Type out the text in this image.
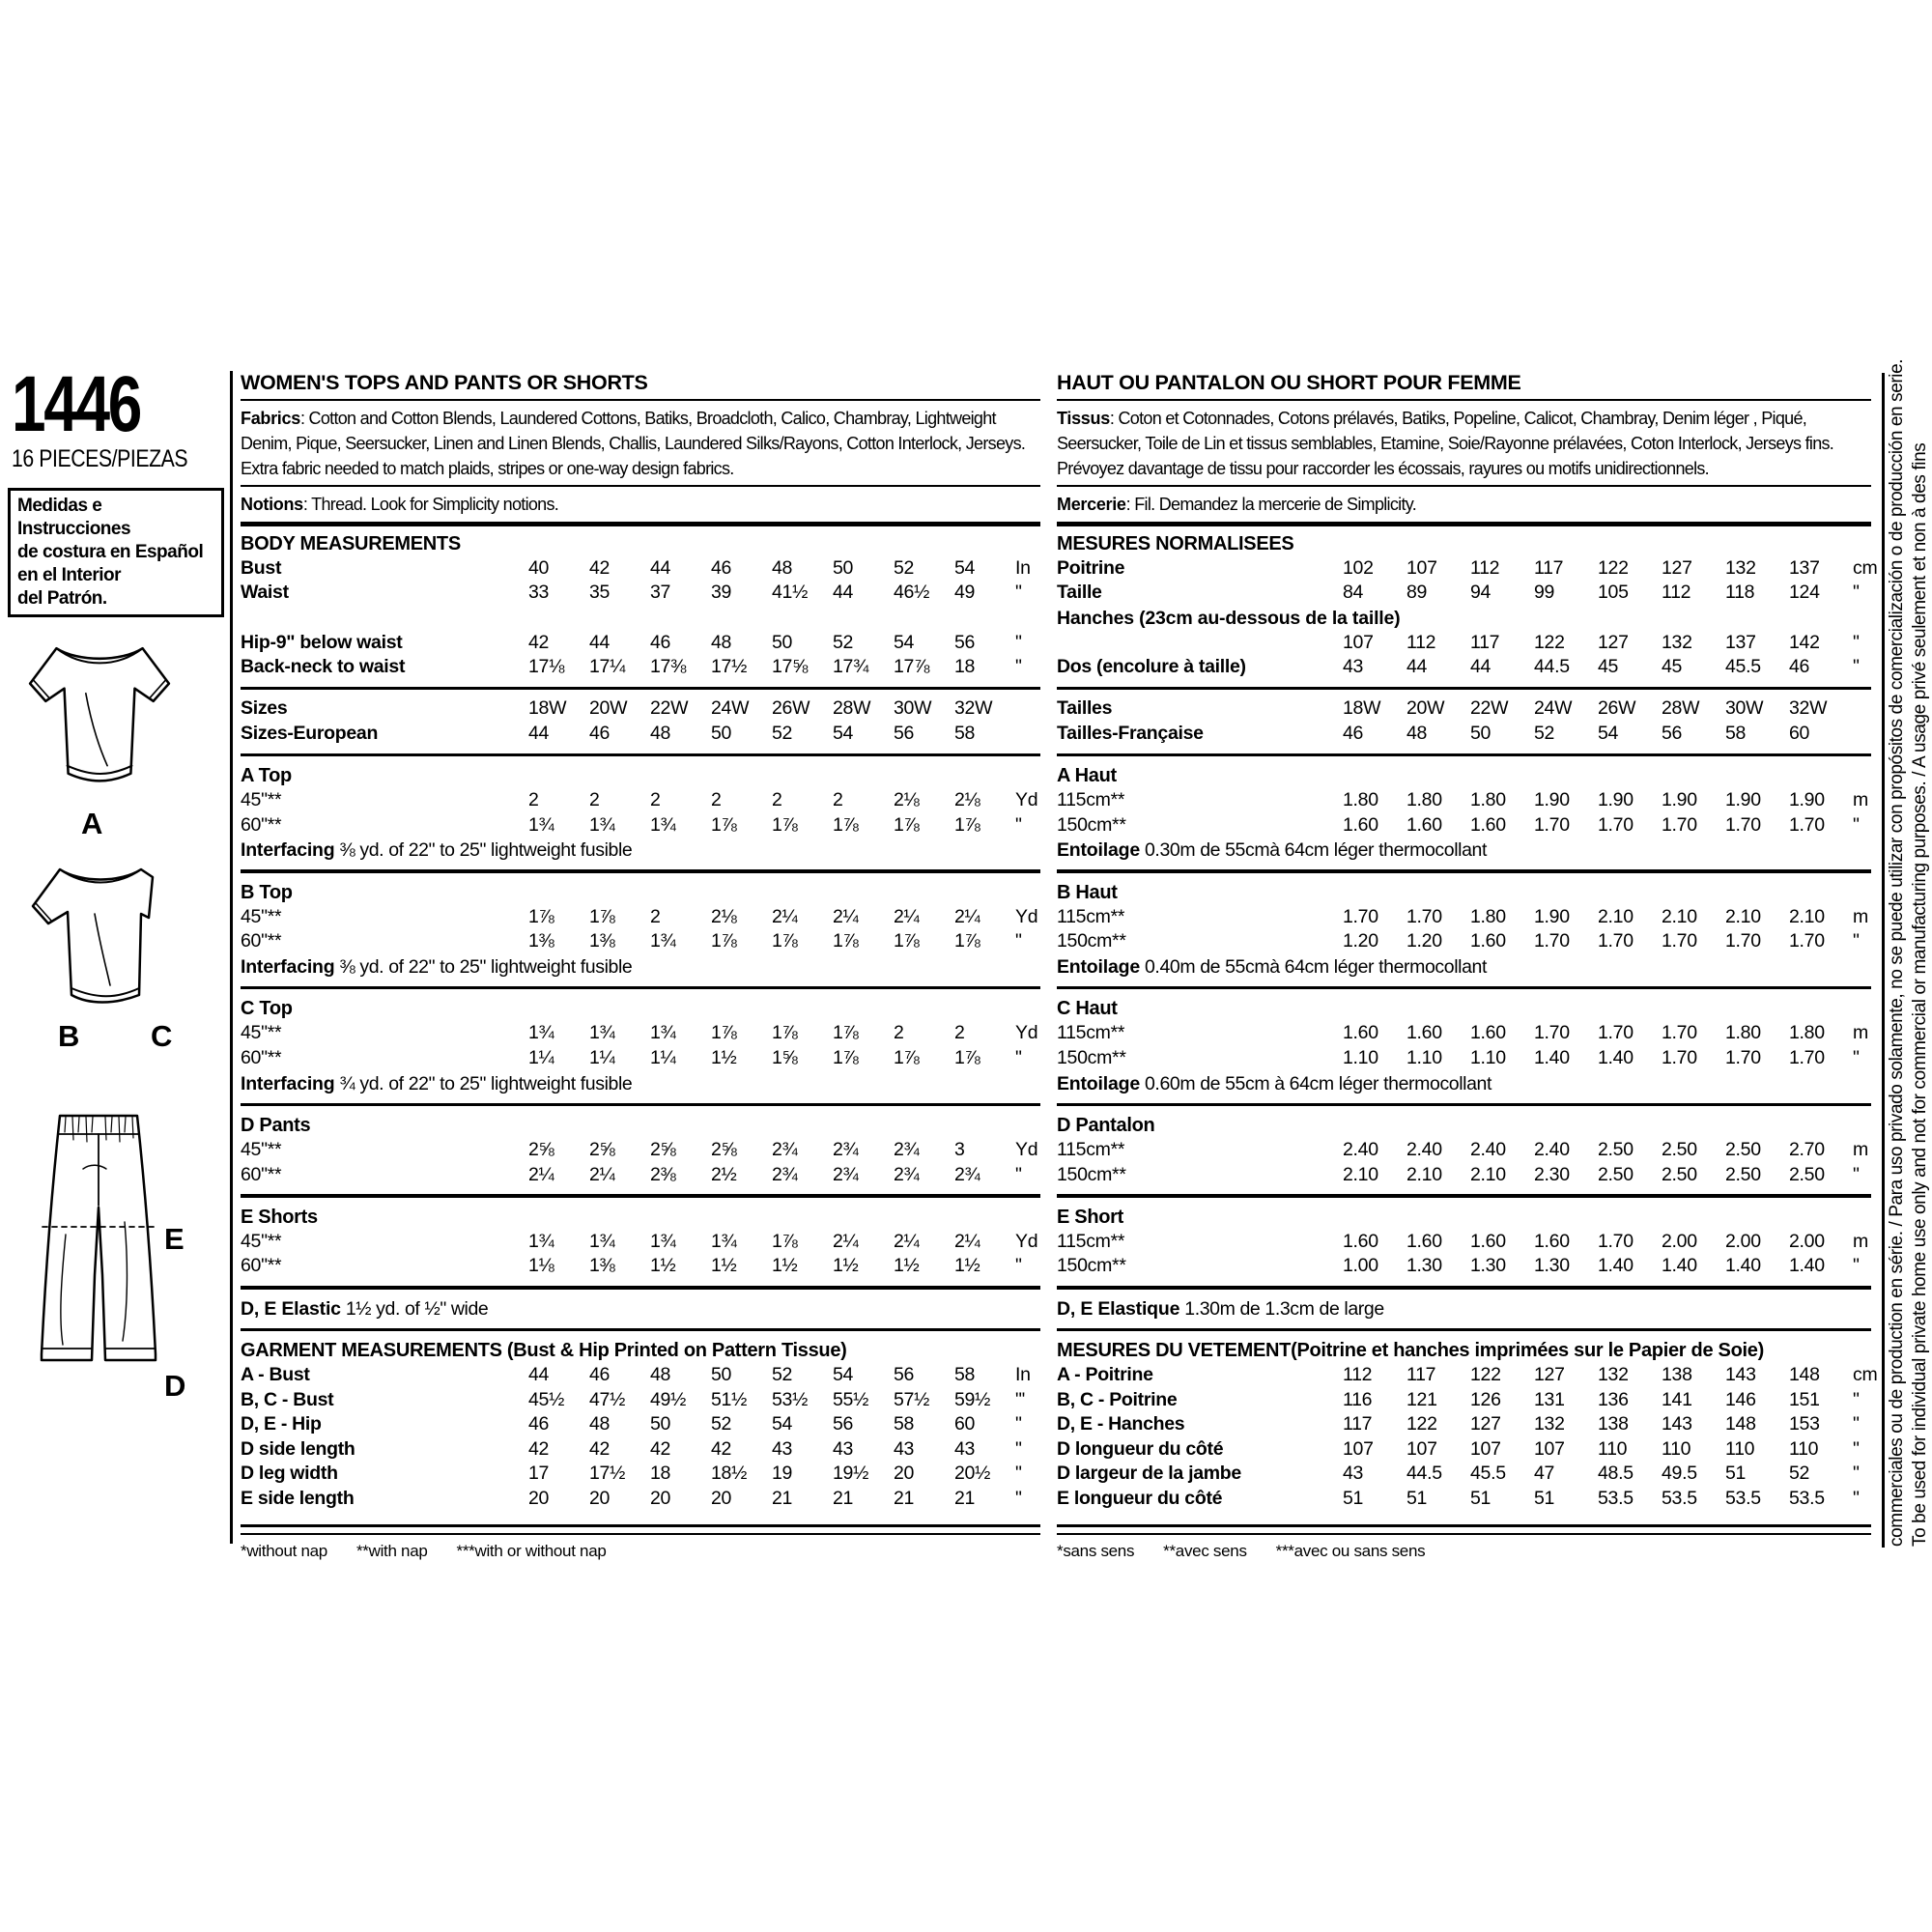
1446
16 PIECES/PIEZAS
Medidas e Instrucciones
de costura en Español
en el Interior
del Patrón.
A
B C
E
D
WOMEN'S TOPS AND PANTS OR SHORTS
Fabrics: Cotton and Cotton Blends, Laundered Cottons, Batiks, Broadcloth, Calico, Chambray, Lightweight Denim, Pique, Seersucker, Linen and Linen Blends, Challis, Laundered Silks/Rayons, Cotton Interlock, Jerseys. Extra fabric needed to match plaids, stripes or one-way design fabrics.
Notions: Thread. Look for Simplicity notions.
BODY MEASUREMENTS
Bust	40	42	44	46	48	50	52	54	In
Waist	33	35	37	39	41½	44	46½	49	"
Hip-9" below waist	42	44	46	48	50	52	54	56	"
Back-neck to waist	17⅛	17¼	17⅜	17½	17⅝	17¾	17⅞	18	"
Sizes	18W	20W	22W	24W	26W	28W	30W	32W
Sizes-European	44	46	48	50	52	54	56	58
A Top
45"**	2	2	2	2	2	2	2⅛	2⅛	Yd
60"**	1¾	1¾	1¾	1⅞	1⅞	1⅞	1⅞	1⅞	"
Interfacing ⅜ yd. of 22" to 25" lightweight fusible
B Top
45"**	1⅞	1⅞	2	2⅛	2¼	2¼	2¼	2¼	Yd
60"**	1⅜	1⅜	1¾	1⅞	1⅞	1⅞	1⅞	1⅞	"
Interfacing ⅜ yd. of 22" to 25" lightweight fusible
C Top
45"**	1¾	1¾	1¾	1⅞	1⅞	1⅞	2	2	Yd
60"**	1¼	1¼	1¼	1½	1⅝	1⅞	1⅞	1⅞	"
Interfacing ¾ yd. of 22" to 25" lightweight fusible
D Pants
45"**	2⅝	2⅝	2⅝	2⅝	2¾	2¾	2¾	3	Yd
60"**	2¼	2¼	2⅜	2½	2¾	2¾	2¾	2¾	"
E Shorts
45"**	1¾	1¾	1¾	1¾	1⅞	2¼	2¼	2¼	Yd
60"**	1⅛	1⅜	1½	1½	1½	1½	1½	1½	"
D, E Elastic 1½ yd. of ½" wide
GARMENT MEASUREMENTS (Bust & Hip Printed on Pattern Tissue)
A - Bust	44	46	48	50	52	54	56	58	In
B, C - Bust	45½	47½	49½	51½	53½	55½	57½	59½	"'
D, E - Hip	46	48	50	52	54	56	58	60	"
D side length	42	42	42	42	43	43	43	43	"
D leg width	17	17½	18	18½	19	19½	20	20½	"
E side length	20	20	20	20	21	21	21	21	"
*without nap **with nap ***with or without nap
HAUT OU PANTALON OU SHORT POUR FEMME
Tissus: Coton et Cotonnades, Cotons prélavés, Batiks, Popeline, Calicot, Chambray, Denim léger , Piqué, Seersucker, Toile de Lin et tissus semblables, Etamine, Soie/Rayonne prélavées, Coton Interlock, Jerseys fins. Prévoyez davantage de tissu pour raccorder les écossais, rayures ou motifs unidirectionnels.
Mercerie: Fil. Demandez la mercerie de Simplicity.
MESURES NORMALISEES
Poitrine	102	107	112	117	122	127	132	137	cm
Taille	84	89	94	99	105	112	118	124	"
Hanches (23cm au-dessous de la taille)
107	112	117	122	127	132	137	142	"
Dos (encolure à taille)	43	44	44	44.5	45	45	45.5	46	"
Tailles	18W	20W	22W	24W	26W	28W	30W	32W
Tailles-Française	46	48	50	52	54	56	58	60
A Haut
115cm**	1.80	1.80	1.80	1.90	1.90	1.90	1.90	1.90	m
150cm**	1.60	1.60	1.60	1.70	1.70	1.70	1.70	1.70	"
Entoilage 0.30m de 55cmà 64cm léger thermocollant
B Haut
115cm**	1.70	1.70	1.80	1.90	2.10	2.10	2.10	2.10	m
150cm**	1.20	1.20	1.60	1.70	1.70	1.70	1.70	1.70	"
Entoilage 0.40m de 55cmà 64cm léger thermocollant
C Haut
115cm**	1.60	1.60	1.60	1.70	1.70	1.70	1.80	1.80	m
150cm**	1.10	1.10	1.10	1.40	1.40	1.70	1.70	1.70	"
Entoilage 0.60m de 55cm à 64cm léger thermocollant
D Pantalon
115cm**	2.40	2.40	2.40	2.40	2.50	2.50	2.50	2.70	m
150cm**	2.10	2.10	2.10	2.30	2.50	2.50	2.50	2.50	"
E Short
115cm**	1.60	1.60	1.60	1.60	1.70	2.00	2.00	2.00	m
150cm**	1.00	1.30	1.30	1.30	1.40	1.40	1.40	1.40	"
D, E Elastique 1.30m de 1.3cm de large
MESURES DU VETEMENT(Poitrine et hanches imprimées sur le Papier de Soie)
A - Poitrine	112	117	122	127	132	138	143	148	cm
B, C - Poitrine	116	121	126	131	136	141	146	151	"
D, E - Hanches	117	122	127	132	138	143	148	153	"
D longueur du côté	107	107	107	107	110	110	110	110	"
D largeur de la jambe	43	44.5	45.5	47	48.5	49.5	51	52	"
E longueur du côté	51	51	51	51	53.5	53.5	53.5	53.5	"
*sans sens **avec sens ***avec ou sans sens
commerciales ou de production en série. / Para uso privado solamente, no se puede utilizar con propósitos de comercialización o de producción en serie. To be used for individual private home use only and not for commercial or manufacturing purposes. / A usage privé seulement et non à des fins
